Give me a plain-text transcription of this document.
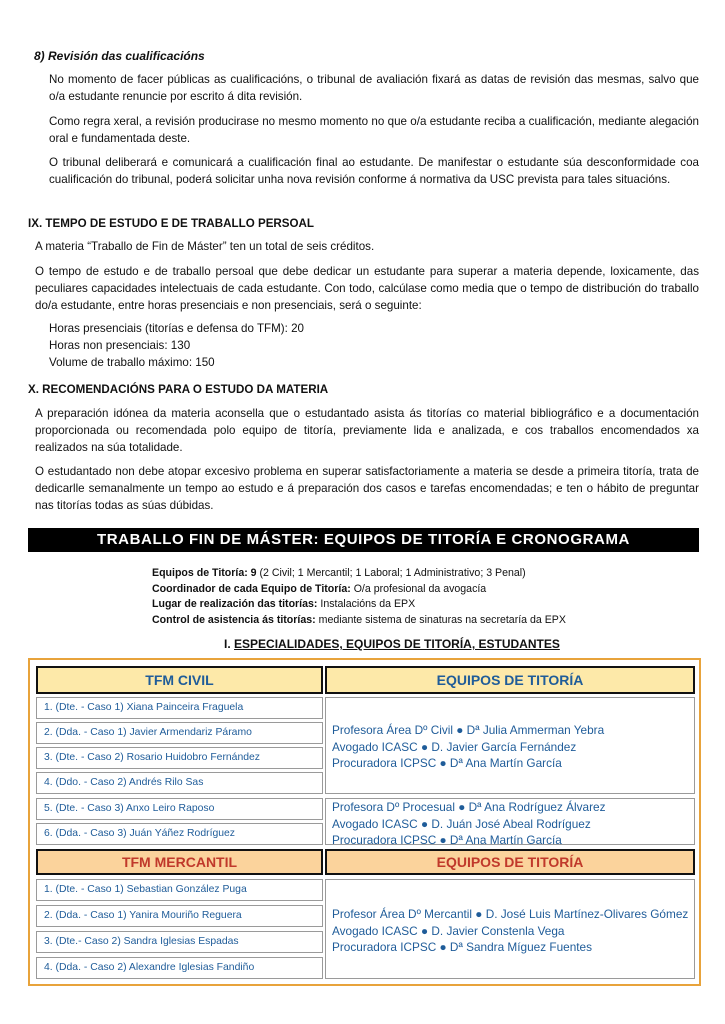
8) Revisión das cualificacións

No momento de facer públicas as cualificacións, o tribunal de avaliación fixará as datas de revisión das mesmas, salvo que o/a estudante renuncie por escrito á dita revisión.

Como regra xeral, a revisión producirase no mesmo momento no que o/a estudante reciba a cualificación, mediante alegación oral e fundamentada deste.

O tribunal deliberará e comunicará a cualificación final ao estudante. De manifestar o estudante súa desconformidade coa cualificación do tribunal, poderá solicitar unha nova revisión conforme á normativa da USC prevista para tales situacións.

IX. TEMPO DE ESTUDO E DE TRABALLO PERSOAL

A materia “Traballo de Fin de Máster” ten un total de seis créditos.

O tempo de estudo e de traballo persoal que debe dedicar un estudante para superar a materia depende, loxicamente, das peculiares capacidades intelectuais de cada estudante. Con todo, calcúlase como media que o tempo de distribución do traballo do/a estudante, entre horas presenciais e non presenciais, será o seguinte:

Horas presenciais (titorías e defensa do TFM): 20
Horas non presenciais: 130
Volume de traballo máximo: 150
X. RECOMENDACIÓNS PARA O ESTUDO DA MATERIA

A preparación idónea da materia aconsella que o estudantado asista ás titorías co material bibliográfico e a documentación proporcionada ou recomendada polo equipo de titoría, previamente lida e analizada, e cos traballos encomendados xa realizados na súa totalidade.

O estudantado non debe atopar excesivo problema en superar satisfactoriamente a materia se desde a primeira titoría, trata de dedicarlle semanalmente un tempo ao estudo e á preparación dos casos e tarefas encomendadas; e ten o hábito de preguntar nas titorías todas as súas dúbidas.

TRABALLO FIN DE MÁSTER: EQUIPOS DE TITORÍA E CRONOGRAMA
Equipos de Titoría: 9 (2 Civil; 1 Mercantil; 1 Laboral; 1 Administrativo; 3 Penal)
Coordinador de cada Equipo de Titoría: O/a profesional da avogacía
Lugar de realización das titorías: Instalacións da EPX
Control de asistencia ás titorías: mediante sistema de sinaturas na secretaría da EPX
I. ESPECIALIDADES, EQUIPOS DE TITORÍA, ESTUDANTES
TFM CIVIL	EQUIPOS DE TITORÍA
1. (Dte. - Caso 1) Xiana Painceira Fraguela
2. (Dda. - Caso 1) Javier Armendariz Páramo
3. (Dte. - Caso 2) Rosario Huidobro Fernández
4. (Ddo. - Caso 2) Andrés Rilo Sas
5. (Dte. - Caso 3) Anxo Leiro Raposo
6. (Dda. - Caso 3) Juán Yáñez Rodríguez
Profesora Área Dº Civil ● Dª Julia Ammerman Yebra
Avogado ICASC ● D. Javier García Fernández
Procuradora ICPSC ● Dª Ana Martín García
Profesora Dº Procesual ● Dª Ana Rodríguez Álvarez
Avogado ICASC ● D. Juán José Abeal Rodríguez
Procuradora ICPSC ● Dª Ana Martín García
TFM MERCANTIL	EQUIPOS DE TITORÍA
1. (Dte. - Caso 1) Sebastian González Puga
2. (Dda. - Caso 1) Yanira Mouriño Reguera
3. (Dte.- Caso 2) Sandra Iglesias Espadas
4. (Dda. - Caso 2) Alexandre Iglesias Fandiño
Profesor Área Dº Mercantil ● D. José Luis Martínez-Olivares Gómez
Avogado ICASC ● D. Javier Constenla Vega
Procuradora ICPSC ● Dª Sandra Míguez Fuentes
